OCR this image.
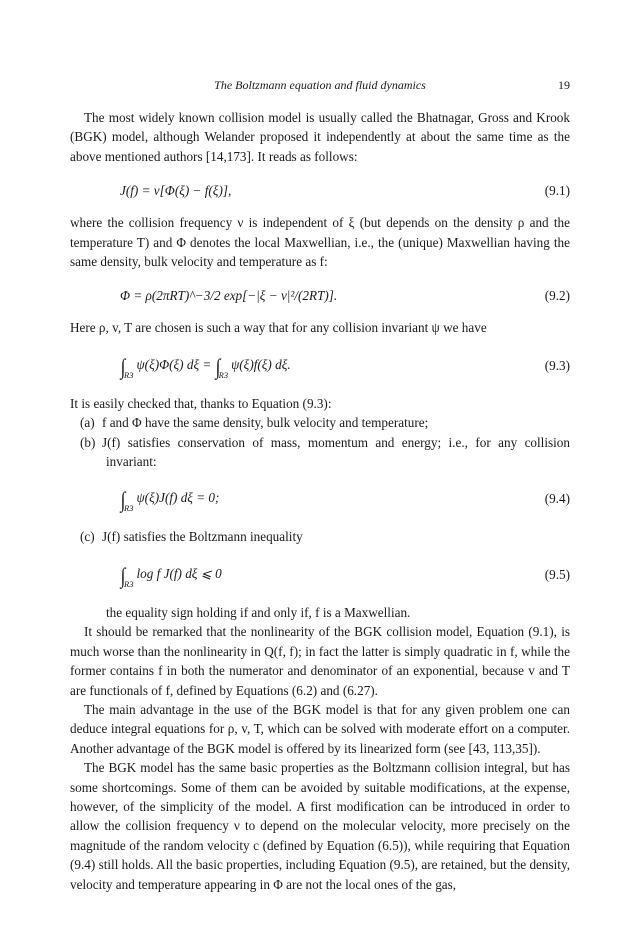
The Boltzmann equation and fluid dynamics	19

The most widely known collision model is usually called the Bhatnagar, Gross and Krook (BGK) model, although Welander proposed it independently at about the same time as the above mentioned authors [14,173]. It reads as follows:

J(f) = ν[Φ(ξ) − f(ξ)],	(9.1)

where the collision frequency ν is independent of ξ (but depends on the density ρ and the temperature T) and Φ denotes the local Maxwellian, i.e., the (unique) Maxwellian having the same density, bulk velocity and temperature as f:

Φ = ρ(2πRT)^−3/2 exp[−|ξ − v|²/(2RT)].	(9.2)

Here ρ, v, T are chosen is such a way that for any collision invariant ψ we have

$\int_{R3}\psi(\xi)\Phi(\xi) d\xi = \int_{R3}\psi(\xi)f(\xi)$ dξ.	(9.3)

It is easily checked that, thanks to Equation (9.3):

(a) f and Φ have the same density, bulk velocity and temperature;
(b) J(f) satisfies conservation of mass, momentum and energy; i.e., for any collision invariant:
$\int_{R3}\psi(\xi)J(f) d\xi = 0$;	(9.4)
(c) J(f) satisfies the Boltzmann inequality
$\int_{R3}\log$ f J(f) dξ ⩽ 0	(9.5)

the equality sign holding if and only if, f is a Maxwellian.

It should be remarked that the nonlinearity of the BGK collision model, Equation (9.1), is much worse than the nonlinearity in Q(f, f); in fact the latter is simply quadratic in f, while the former contains f in both the numerator and denominator of an exponential, because v and T are functionals of f, defined by Equations (6.2) and (6.27).

The main advantage in the use of the BGK model is that for any given problem one can deduce integral equations for ρ, v, T, which can be solved with moderate effort on a computer. Another advantage of the BGK model is offered by its linearized form (see [43, 113,35]).

The BGK model has the same basic properties as the Boltzmann collision integral, but has some shortcomings. Some of them can be avoided by suitable modifications, at the expense, however, of the simplicity of the model. A first modification can be introduced in order to allow the collision frequency ν to depend on the molecular velocity, more precisely on the magnitude of the random velocity c (defined by Equation (6.5)), while requiring that Equation (9.4) still holds. All the basic properties, including Equation (9.5), are retained, but the density, velocity and temperature appearing in Φ are not the local ones of the gas,
